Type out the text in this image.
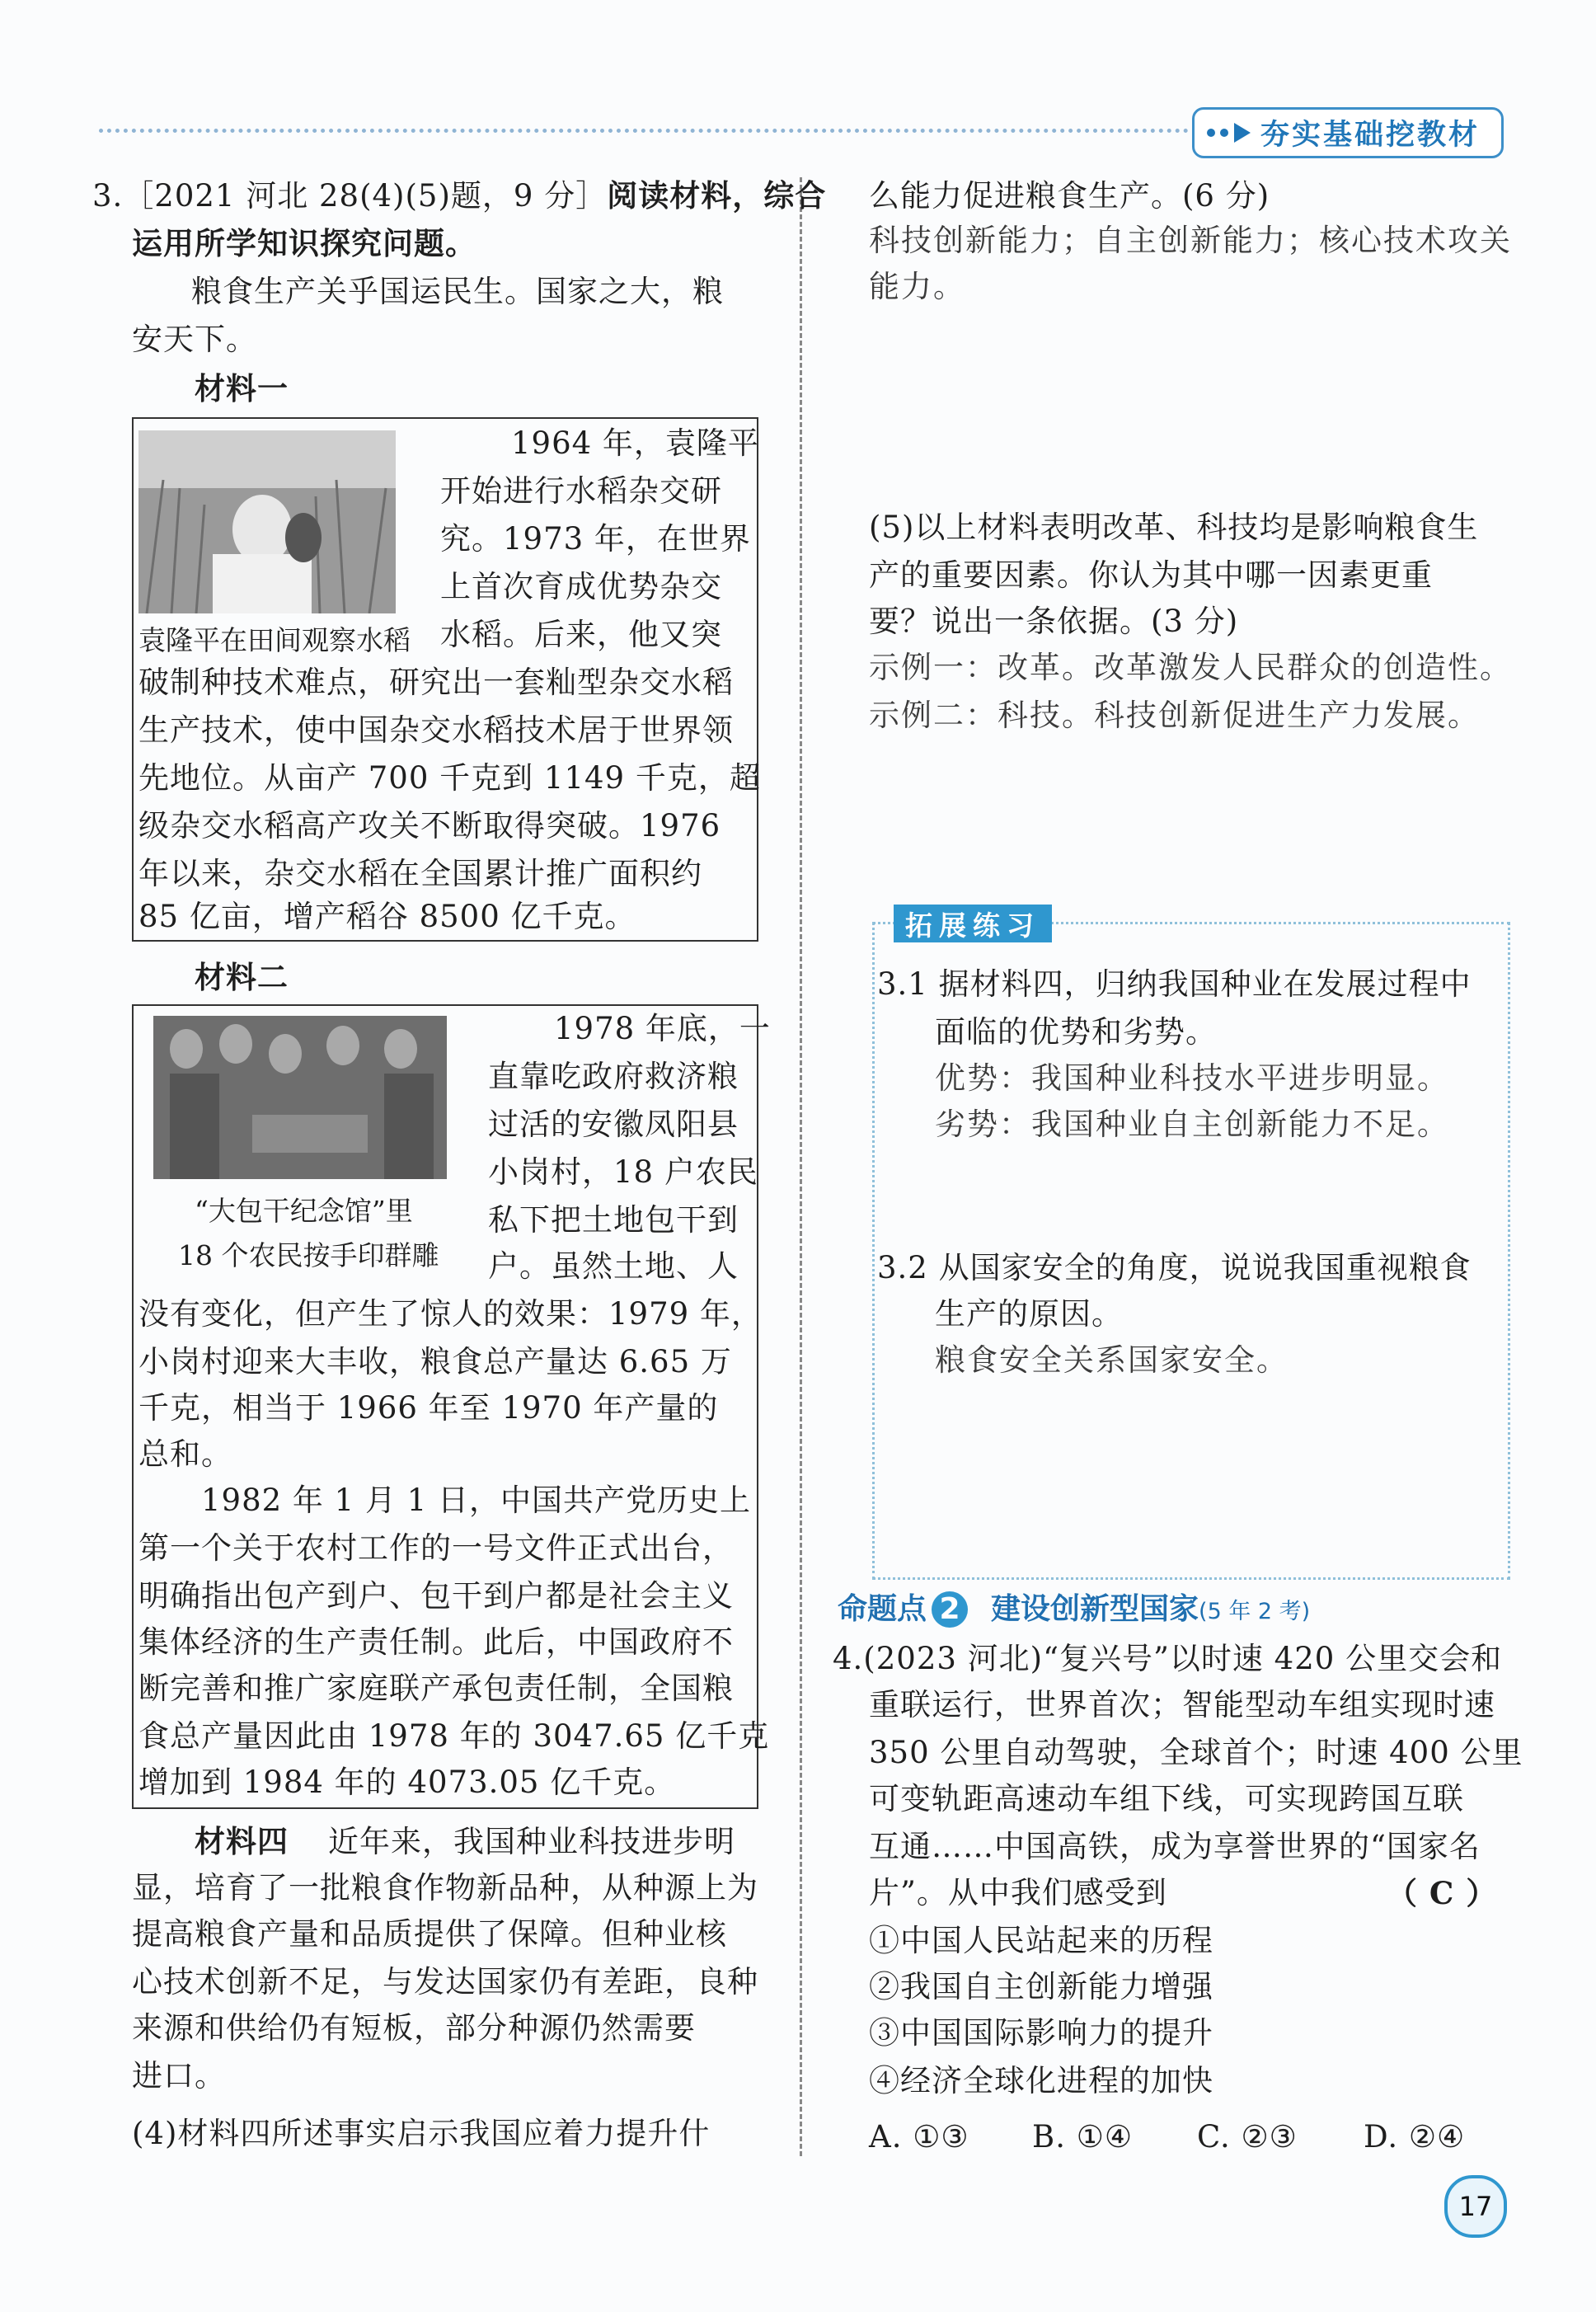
夯实基础挖教材
3.［2021 河北 28(4)(5)题，9 分］阅读材料，综合
运用所学知识探究问题。
粮食生产关乎国运民生。国家之大，粮
安天下。
材料一
袁隆平在田间观察水稻
1964 年，袁隆平
开始进行水稻杂交研
究。1973 年，在世界
上首次育成优势杂交
水稻。后来，他又突
破制种技术难点，研究出一套籼型杂交水稻
生产技术，使中国杂交水稻技术居于世界领
先地位。从亩产 700 千克到 1149 千克，超
级杂交水稻高产攻关不断取得突破。1976
年以来，杂交水稻在全国累计推广面积约
85 亿亩，增产稻谷 8500 亿千克。
材料二
“大包干纪念馆”里
18 个农民按手印群雕
1978 年底，一
直靠吃政府救济粮
过活的安徽凤阳县
小岗村，18 户农民
私下把土地包干到
户。虽然土地、人
没有变化，但产生了惊人的效果：1979 年，
小岗村迎来大丰收，粮食总产量达 6.65 万
千克，相当于 1966 年至 1970 年产量的
总和。
　　1982 年 1 月 1 日，中国共产党历史上
第一个关于农村工作的一号文件正式出台，
明确指出包产到户、包干到户都是社会主义
集体经济的生产责任制。此后，中国政府不
断完善和推广家庭联产承包责任制，全国粮
食总产量因此由 1978 年的 3047.65 亿千克
增加到 1984 年的 4073.05 亿千克。
材料四 　近年来，我国种业科技进步明
显，培育了一批粮食作物新品种，从种源上为
提高粮食产量和品质提供了保障。但种业核
心技术创新不足，与发达国家仍有差距，良种
来源和供给仍有短板，部分种源仍然需要
进口。
(4)材料四所述事实启示我国应着力提升什
么能力促进粮食生产。(6 分)
科技创新能力；自主创新能力；核心技术攻关
能力。
(5)以上材料表明改革、科技均是影响粮食生
产的重要因素。你认为其中哪一因素更重
要？说出一条依据。(3 分)
示例一：改革。改革激发人民群众的创造性。
示例二：科技。科技创新促进生产力发展。
拓展练习
3.1 据材料四，归纳我国种业在发展过程中
面临的优势和劣势。
优势：我国种业科技水平进步明显。
劣势：我国种业自主创新能力不足。
3.2 从国家安全的角度，说说我国重视粮食
生产的原因。
粮食安全关系国家安全。
命题点 2 建设创新型国家(5 年 2 考)
4.(2023 河北)“复兴号”以时速 420 公里交会和
重联运行，世界首次；智能型动车组实现时速
350 公里自动驾驶，全球首个；时速 400 公里
可变轨距高速动车组下线，可实现跨国互联
互通……中国高铁，成为享誉世界的“国家名
片”。从中我们感受到	（ C ）
①中国人民站起来的历程
②我国自主创新能力增强
③中国国际影响力的提升
④经济全球化进程的加快
A. ①③ B. ①④ C. ②③ D. ②④
17
